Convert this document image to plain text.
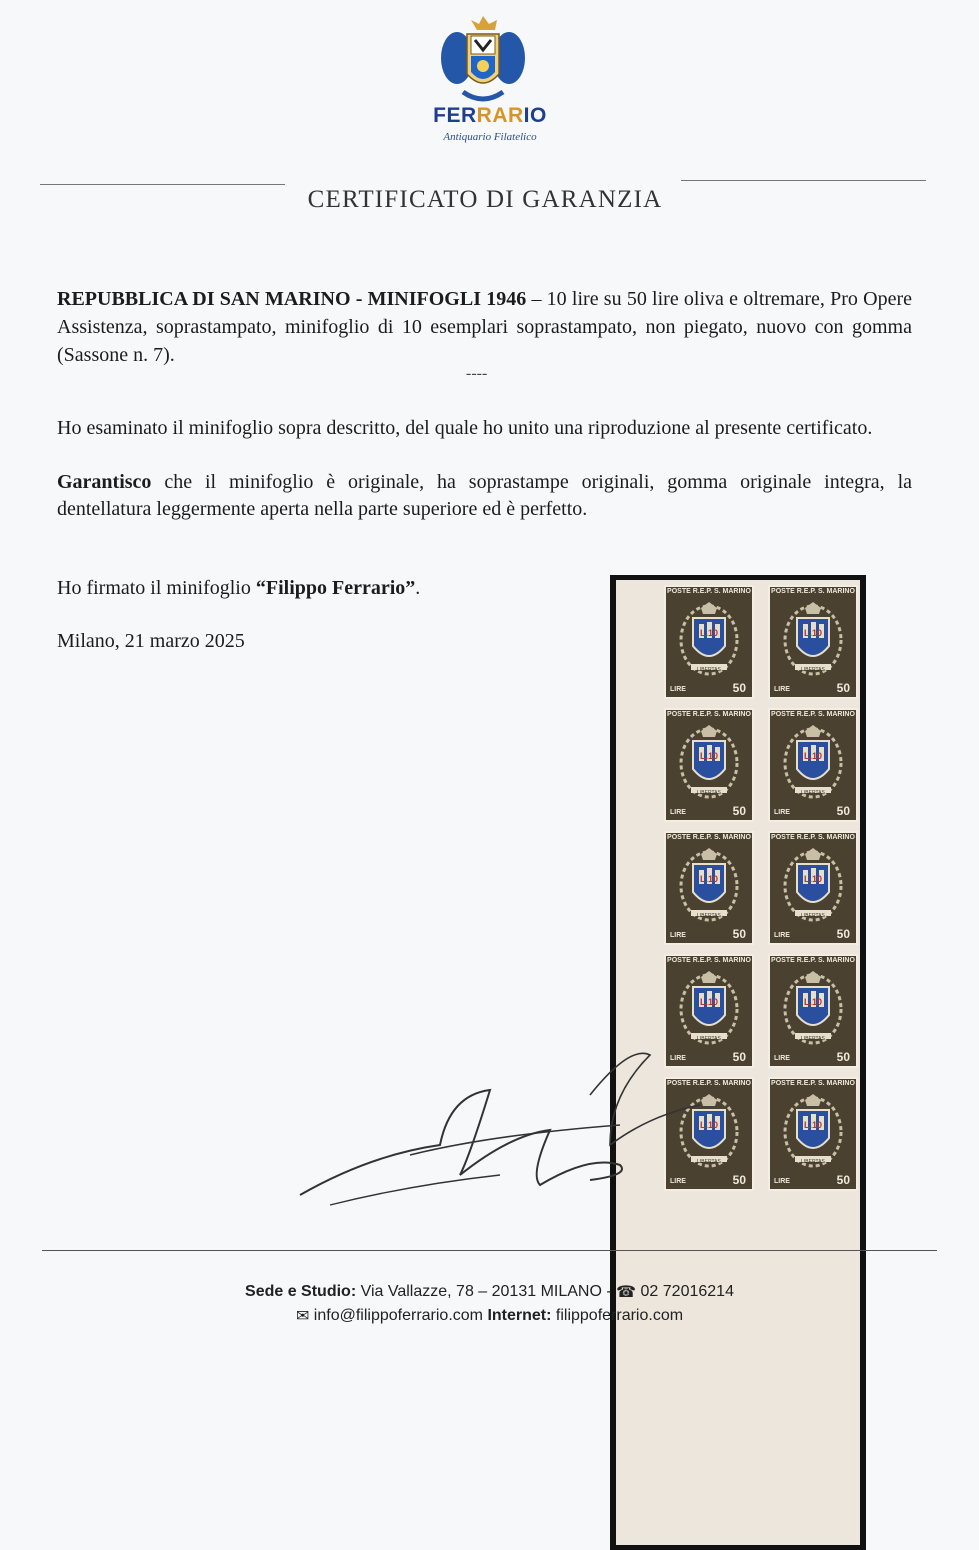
FERRARIO
Antiquario Filatelico
CERTIFICATO DI GARANZIA
REPUBBLICA DI SAN MARINO - MINIFOGLI 1946 – 10 lire su 50 lire oliva e oltremare, Pro Opere Assistenza, soprastampato, minifoglio di 10 esemplari soprastampato, non piegato, nuovo con gomma (Sassone n. 7).
----
Ho esaminato il minifoglio sopra descritto, del quale ho unito una riproduzione al presente certificato.
Garantisco che il minifoglio è originale, ha soprastampe originali, gomma originale integra, la dentellatura leggermente aperta nella parte superiore ed è perfetto.
Ho firmato il minifoglio “Filippo Ferrario”.
Milano, 21 marzo 2025
POSTE R.E.P. S. MARINO
L.10
LIBERTAS
LIRE	50
POSTE R.E.P. S. MARINO
L.10
LIBERTAS
LIRE	50
POSTE R.E.P. S. MARINO
L.10
LIBERTAS
LIRE	50
POSTE R.E.P. S. MARINO
L.10
LIBERTAS
LIRE	50
POSTE R.E.P. S. MARINO
L.10
LIBERTAS
LIRE	50
POSTE R.E.P. S. MARINO
L.10
LIBERTAS
LIRE	50
POSTE R.E.P. S. MARINO
L.10
LIBERTAS
LIRE	50
POSTE R.E.P. S. MARINO
L.10
LIBERTAS
LIRE	50
POSTE R.E.P. S. MARINO
L.10
LIBERTAS
LIRE	50
POSTE R.E.P. S. MARINO
L.10
LIBERTAS
LIRE	50
Sede e Studio: Via Vallazze, 78 – 20131 MILANO - ☎ 02 72016214
✉ info@filippoferrario.com Internet: filippoferrario.com
